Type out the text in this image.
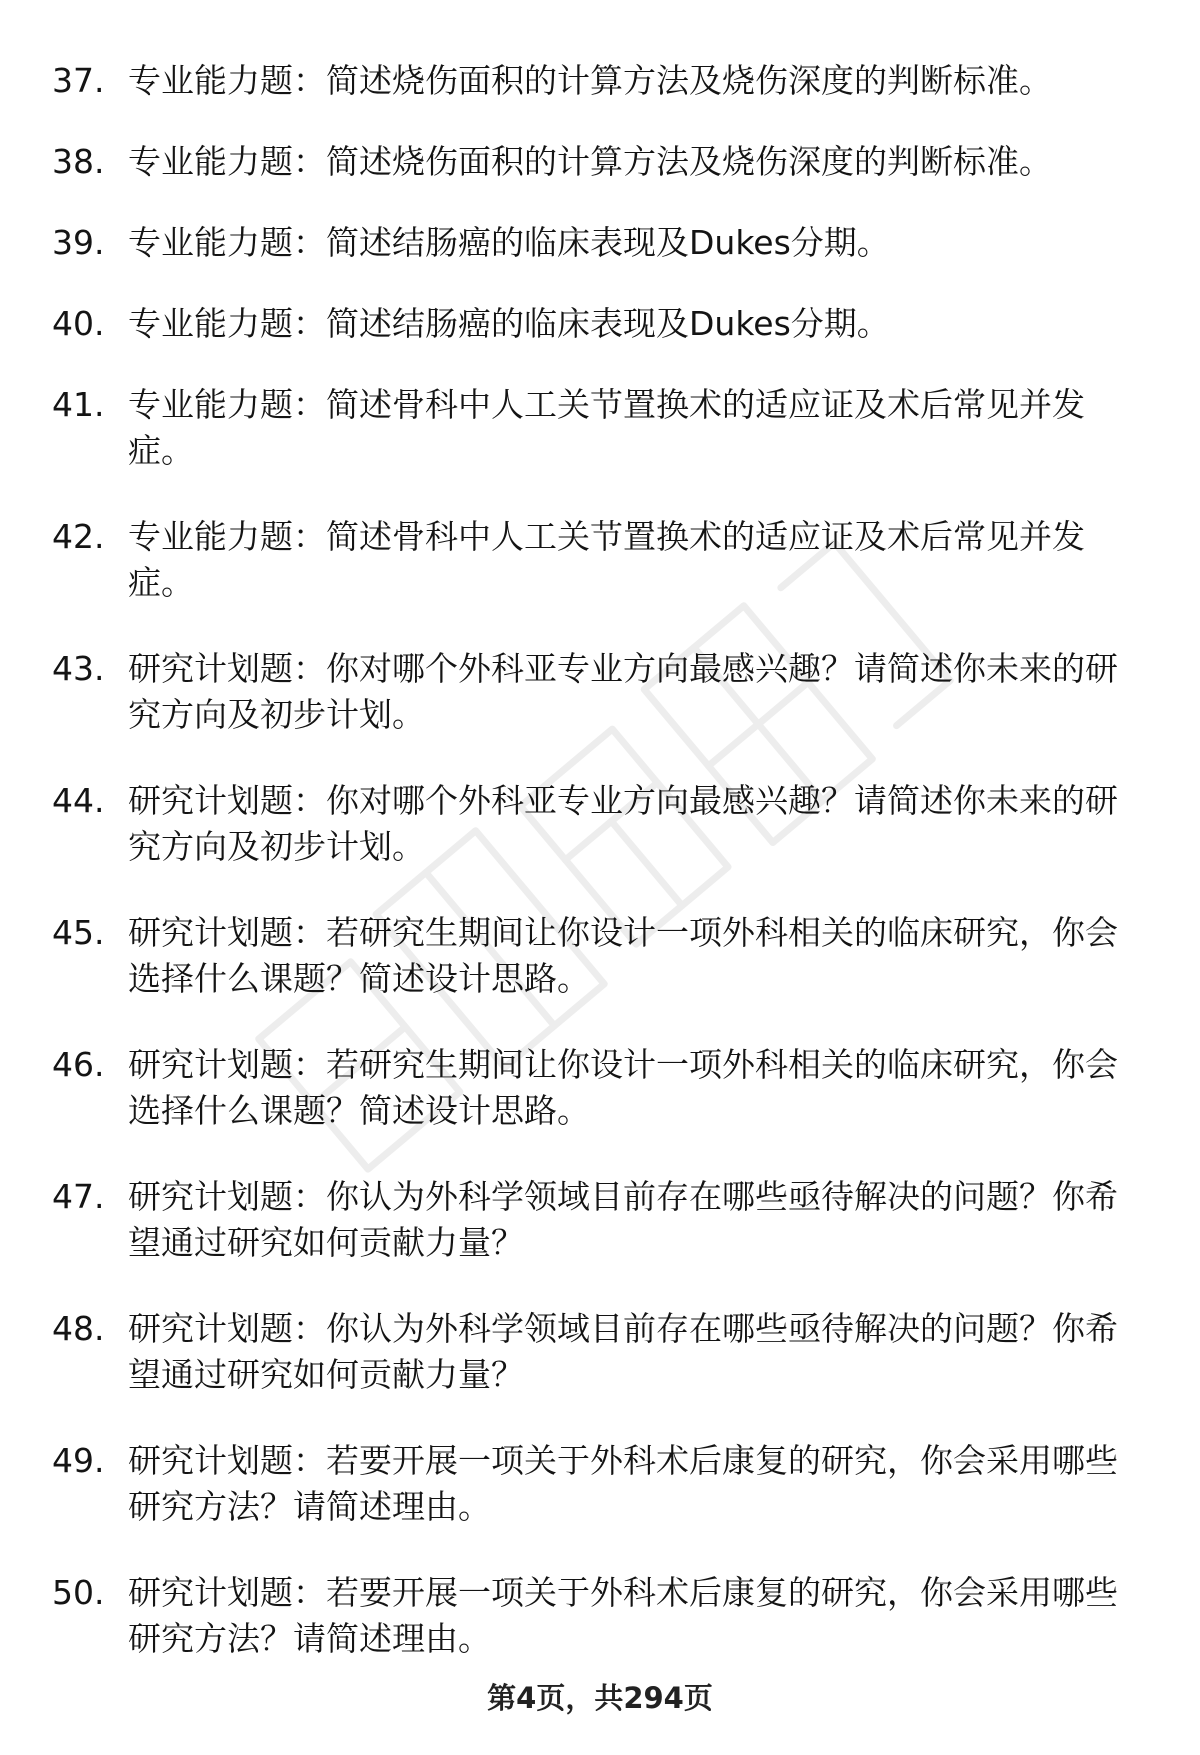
37. 专业能力题：简述烧伤面积的计算方法及烧伤深度的判断标准。
38. 专业能力题：简述烧伤面积的计算方法及烧伤深度的判断标准。
39. 专业能力题：简述结肠癌的临床表现及Dukes分期。
40. 专业能力题：简述结肠癌的临床表现及Dukes分期。
41. 专业能力题：简述骨科中人工关节置换术的适应证及术后常见并发症。
42. 专业能力题：简述骨科中人工关节置换术的适应证及术后常见并发症。
43. 研究计划题：你对哪个外科亚专业方向最感兴趣？请简述你未来的研究方向及初步计划。
44. 研究计划题：你对哪个外科亚专业方向最感兴趣？请简述你未来的研究方向及初步计划。
45. 研究计划题：若研究生期间让你设计一项外科相关的临床研究，你会选择什么课题？简述设计思路。
46. 研究计划题：若研究生期间让你设计一项外科相关的临床研究，你会选择什么课题？简述设计思路。
47. 研究计划题：你认为外科学领域目前存在哪些亟待解决的问题？你希望通过研究如何贡献力量？
48. 研究计划题：你认为外科学领域目前存在哪些亟待解决的问题？你希望通过研究如何贡献力量？
49. 研究计划题：若要开展一项关于外科术后康复的研究，你会采用哪些研究方法？请简述理由。
50. 研究计划题：若要开展一项关于外科术后康复的研究，你会采用哪些研究方法？请简述理由。
第4页，共294页
